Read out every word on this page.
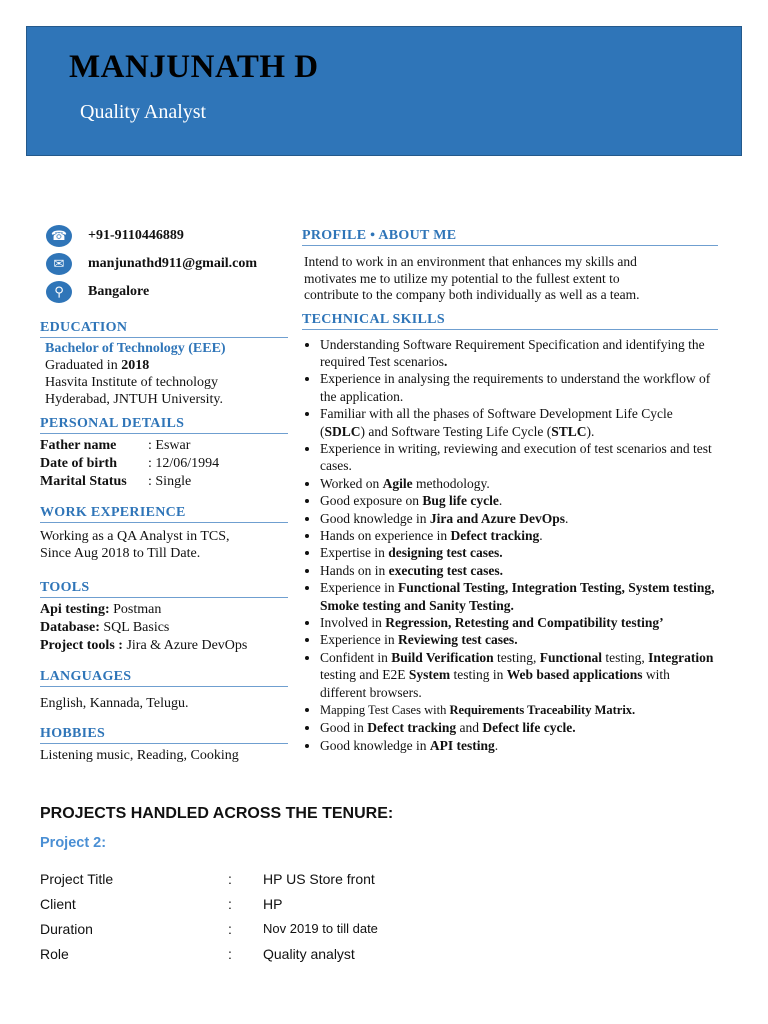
MANJUNATH D
Quality Analyst
☎	+91-9110446889
✉	manjunathd911@gmail.com
⚲	Bangalore
EDUCATION
Bachelor of Technology (EEE)
Graduated in 2018
Hasvita Institute of technology
Hyderabad, JNTUH University.
PERSONAL DETAILS
Father name	: Eswar
Date of birth	: 12/06/1994
Marital Status	: Single
WORK EXPERIENCE
Working as a QA Analyst in TCS,
Since Aug 2018 to Till Date.
TOOLS
Api testing: Postman
Database: SQL Basics
Project tools : Jira & Azure DevOps
LANGUAGES
English, Kannada, Telugu.
HOBBIES
Listening music, Reading, Cooking
PROFILE • ABOUT ME
Intend to work in an environment that enhances my skills and
motivates me to utilize my potential to the fullest extent to
contribute to the company both individually as well as a team.
TECHNICAL SKILLS
• Understanding Software Requirement Specification and identifying the required Test scenarios.
• Experience in analysing the requirements to understand the workflow of the application.
• Familiar with all the phases of Software Development Life Cycle (SDLC) and Software Testing Life Cycle (STLC).
• Experience in writing, reviewing and execution of test scenarios and test cases.
• Worked on Agile methodology.
• Good exposure on Bug life cycle.
• Good knowledge in Jira and Azure DevOps.
• Hands on experience in Defect tracking.
• Expertise in designing test cases.
• Hands on in executing test cases.
• Experience in Functional Testing, Integration Testing, System testing, Smoke testing and Sanity Testing.
• Involved in Regression, Retesting and Compatibility testing’
• Experience in Reviewing test cases.
• Confident in Build Verification testing, Functional testing, Integration testing and E2E System testing in Web based applications with different browsers.
• Mapping Test Cases with Requirements Traceability Matrix.
• Good in Defect tracking and Defect life cycle.
• Good knowledge in API testing.
PROJECTS HANDLED ACROSS THE TENURE:
Project 2:
Project Title	:	HP US Store front
Client	:	HP
Duration	:	Nov 2019 to till date
Role	:	Quality analyst
